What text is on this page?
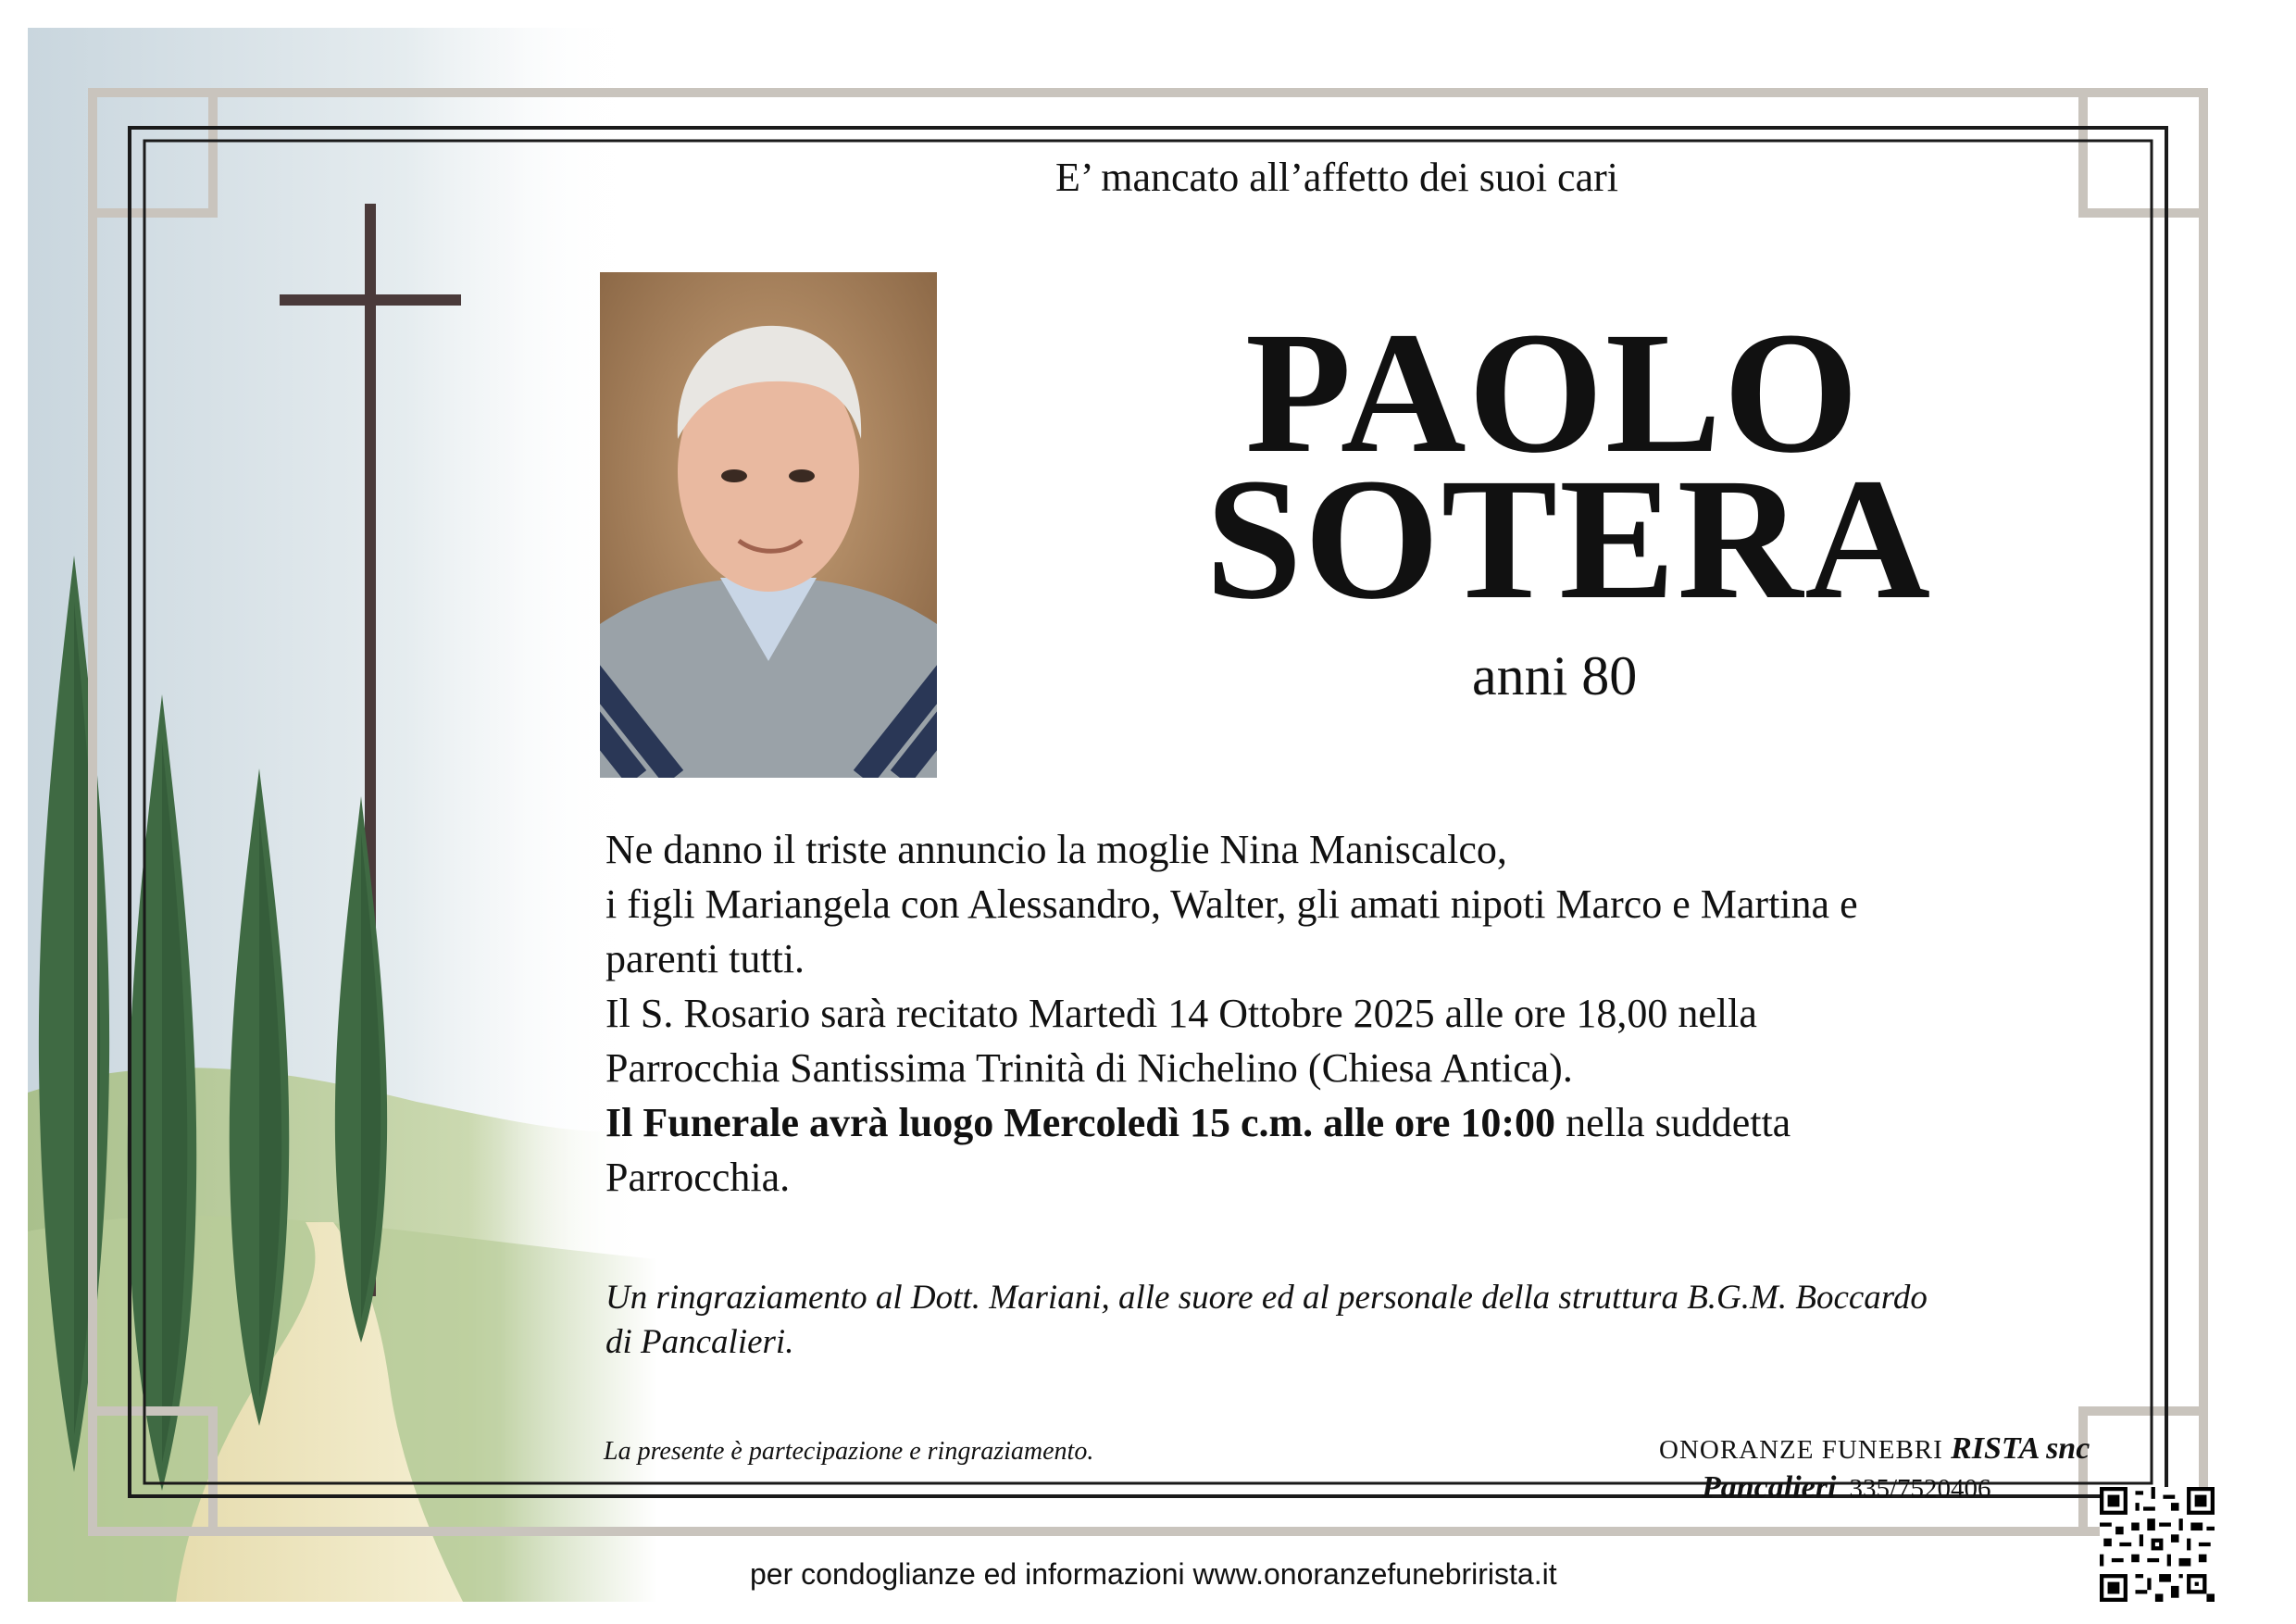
E’ mancato all’affetto dei suoi cari
PAOLO
SOTERA
anni 80

Ne danno il triste annuncio la moglie Nina Maniscalco,

i figli Mariangela con Alessandro, Walter, gli amati nipoti Marco e Martina e

parenti tutti.

Il S. Rosario sarà recitato Martedì 14 Ottobre 2025 alle ore 18,00 nella

Parrocchia Santissima Trinità di Nichelino (Chiesa Antica).

Il Funerale avrà luogo Mercoledì 15 c.m. alle ore 10:00 nella suddetta

Parrocchia.

Un ringraziamento al Dott. Mariani, alle suore ed al personale della struttura B.G.M. Boccardo
di Pancalieri.
La presente è partecipazione e ringraziamento.	ONORANZE FUNEBRI RISTA snc
Pancalieri 335/7520406
per condoglianze ed informazioni www.onoranzefunebrirista.it
